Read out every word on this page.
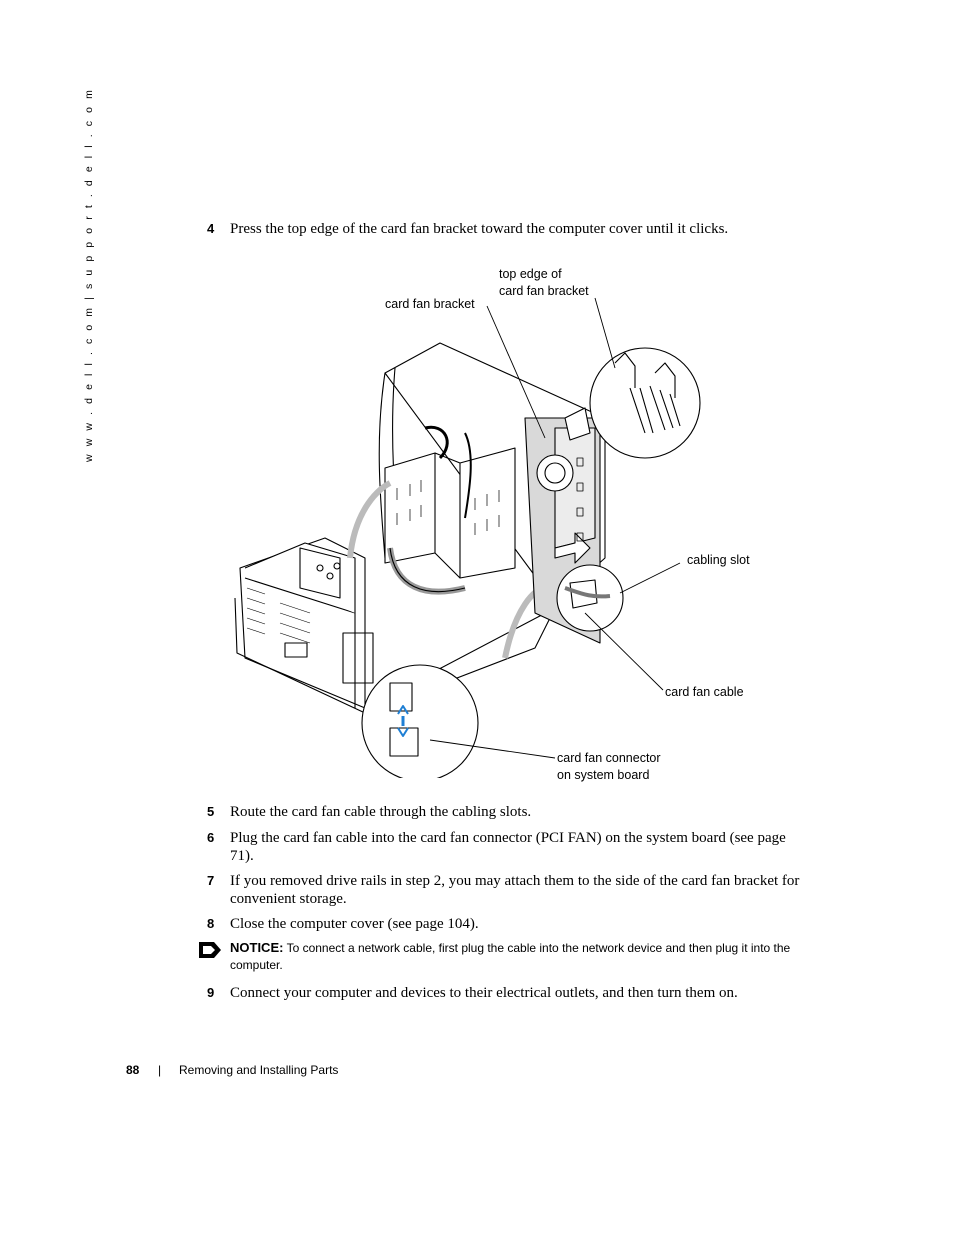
w w w . d e l l . c o m | s u p p o r t . d e l l . c o m	4 Press the top edge of the card fan bracket toward the computer cover until it clicks.
top edge of
card fan bracket
card fan bracket
cabling slot
card fan cable
card fan connector
on system board
5 Route the card fan cable through the cabling slots.
6 Plug the card fan cable into the card fan connector (PCI FAN) on the system board (see page 71).
7 If you removed drive rails in step 2, you may attach them to the side of the card fan bracket for convenient storage.
8 Close the computer cover (see page 104).
NOTICE: To connect a network cable, first plug the cable into the network device and then plug it into the computer.
9 Connect your computer and devices to their electrical outlets, and then turn them on.
88 | Removing and Installing Parts
